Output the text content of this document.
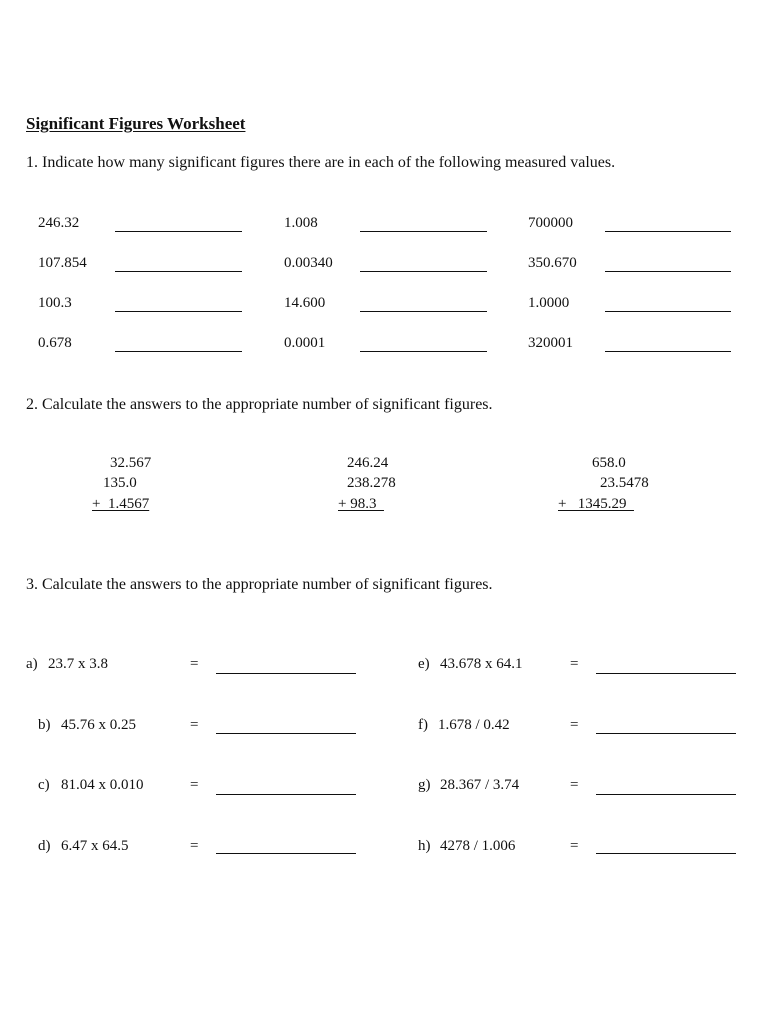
Significant Figures Worksheet
1. Indicate how many significant figures there are in each of the following measured values.
246.32	1.008	700000
107.854	0.00340	350.670
100.3	14.600	1.0000
0.678	0.0001	320001
2. Calculate the answers to the appropriate number of significant figures.
32.567
135.0
+  1.4567
246.24
238.278
+ 98.3
658.0
23.5478
+   1345.29
3. Calculate the answers to the appropriate number of significant figures.
a) 23.7 x 3.8	=
b) 45.76 x 0.25	=
c) 81.04 x 0.010	=
d) 6.47 x 64.5	=
e) 43.678 x 64.1	=
f) 1.678 / 0.42	=
g) 28.367 / 3.74	=
h) 4278 / 1.006	=
